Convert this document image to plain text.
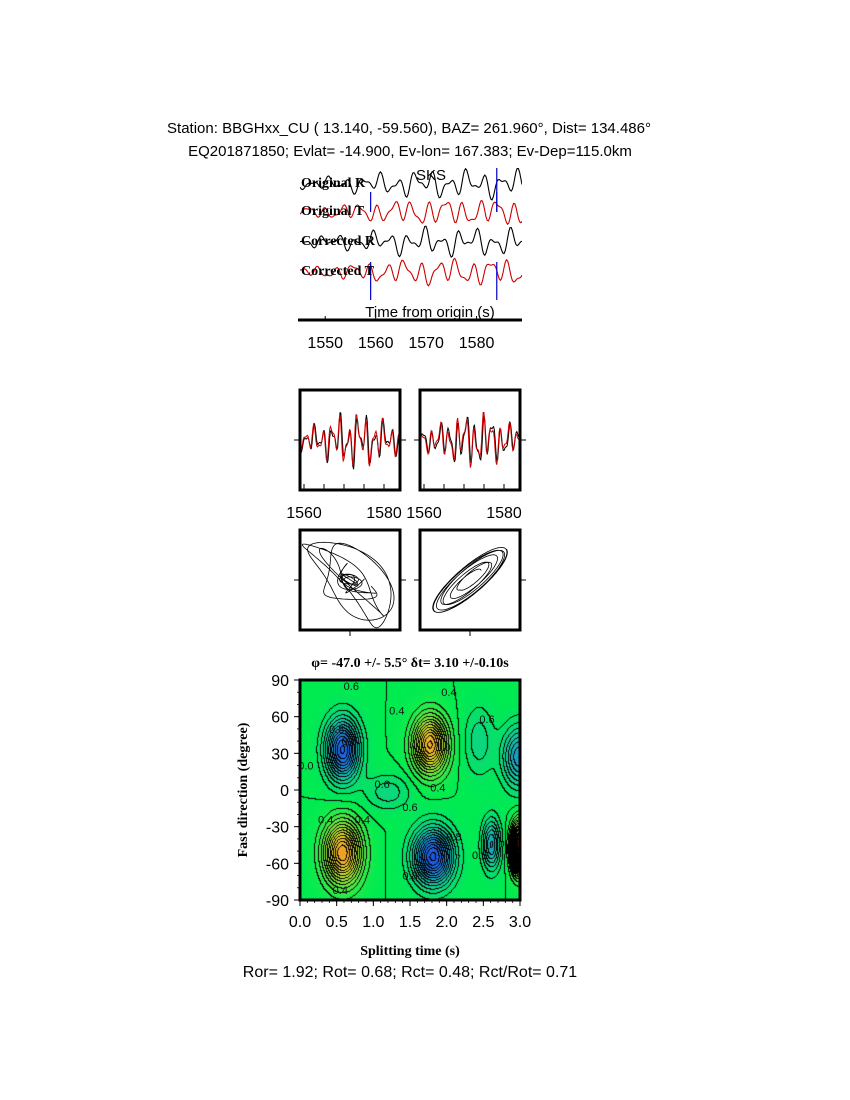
Station: BBGHxx_CU ( 13.140, -59.560), BAZ= 261.960°, Dist= 134.486°
EQ201871850; Evlat= -14.900, Ev-lon= 167.383; Ev-Dep=115.0km
Original R
Original T
Corrected R
Corrected T
SKS
Time from origin (s)
1550 1560 1570 1580
1560	1580 1560	1580
φ= -47.0 +/- 5.5° δt= 3.10 +/-0.10s
0.6
0.4
0.4
0.6
0.8
0.8
0.0
0.6
1.0
0.4
0.6
0.4 0.4
0.8
0.6
0.8
0.4
0.0 0.5 1.0 1.5 2.0 2.5 3.0
-90
-60
-30
0
30
60
90
Splitting time (s)
Fast direction (degree)
Ror= 1.92; Rot= 0.68; Rct= 0.48; Rct/Rot= 0.71
